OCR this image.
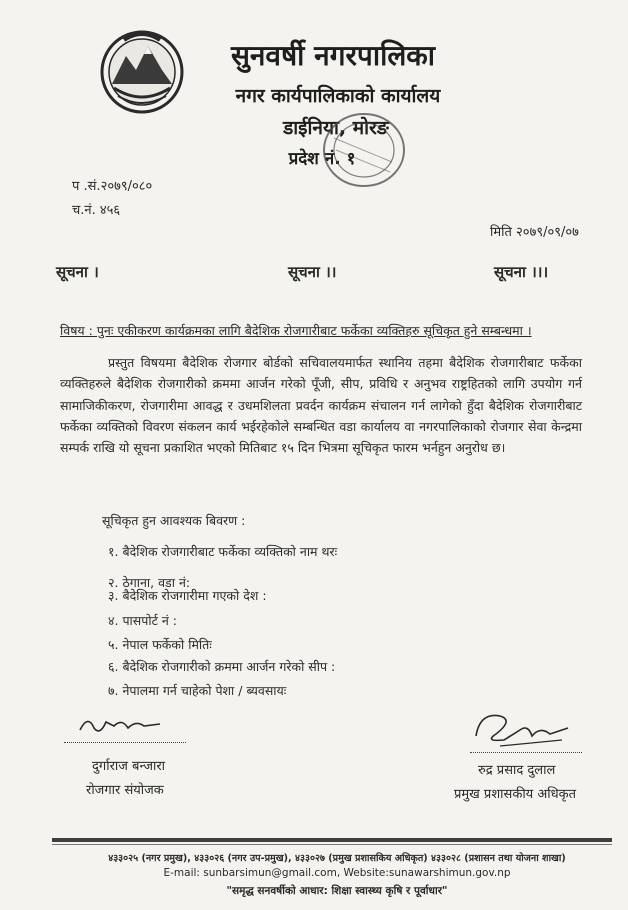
सुनवर्षी नगरपालिका
नगर कार्यपालिकाको कार्यालय
डाईनिया, मोरङ
प्रदेश नं. १
प .सं.२०७९/०८०
च.नं. ४५६
मिति २०७९/०९/०७
सूचना ।	सूचना ।।	सूचना ।।।
विषय : पुनः एकीकरण कार्यक्रमका लागि बैदेशिक रोजगारीबाट फर्केका व्यक्तिहरु सूचिकृत हुने सम्बन्धमा ।
प्रस्तुत विषयमा बैदेशिक रोजगार बोर्डको सचिवालयमार्फत स्थानिय तहमा बैदेशिक रोजगारीबाट फर्केका व्यक्तिहरुले बैदेशिक रोजगारीको क्रममा आर्जन गरेको पूँजी, सीप, प्रविधि र अनुभव राष्ट्रहितको लागि उपयोग गर्न सामाजिकीकरण, रोजगारीमा आवद्ध र उधमशिलता प्रवर्दन कार्यक्रम संचालन गर्न लागेको हुँदा बैदेशिक रोजगारीबाट फर्केका व्यक्तिको विवरण संकलन कार्य भईरहेकोले सम्बन्धित वडा कार्यालय वा नगरपालिकाको रोजगार सेवा केन्द्रमा सम्पर्क राखि यो सूचना प्रकाशित भएको मितिबाट १५ दिन भित्रमा सूचिकृत फारम भर्नहुन अनुरोध छ।
सूचिकृत हुन आवश्यक बिवरण :
१. बैदेशिक रोजगारीबाट फर्केका व्यक्तिको नाम थरः
२. ठेगाना, वडा नं:
३. बैदेशिक रोजगारीमा गएको देश :
४. पासपोर्ट नं :
५. नेपाल फर्केको मितिः
६. बैदेशिक रोजगारीको क्रममा आर्जन गरेको सीप :
७. नेपालमा गर्न चाहेको पेशा / ब्यवसायः
दुर्गाराज बन्जारा
रोजगार संयोजक
रुद्र प्रसाद दुलाल
प्रमुख प्रशासकीय अधिकृत
४३३०२५ (नगर प्रमुख), ४३३०२६ (नगर उप-प्रमुख), ४३३०२७ (प्रमुख प्रशासकिय अधिकृत) ४३३०२८ (प्रशासन तथा योजना शाखा)
E-mail: sunbarsimun@gmail.com, Website:sunawarshimun.gov.np
"समृद्ध सनवर्षीको आधार: शिक्षा स्वास्थ्य कृषि र पूर्वाधार"
